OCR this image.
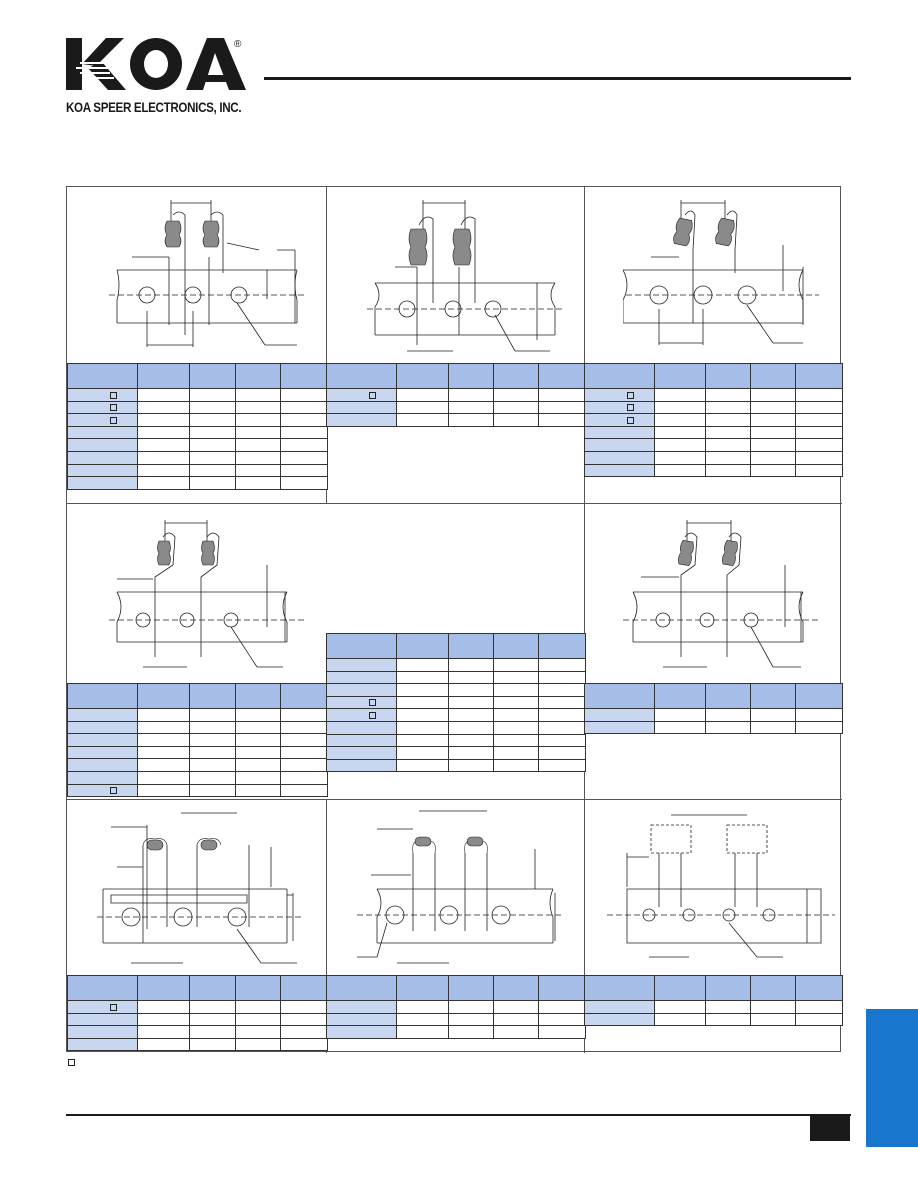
®
KOA SPEER ELECTRONICS, INC.
